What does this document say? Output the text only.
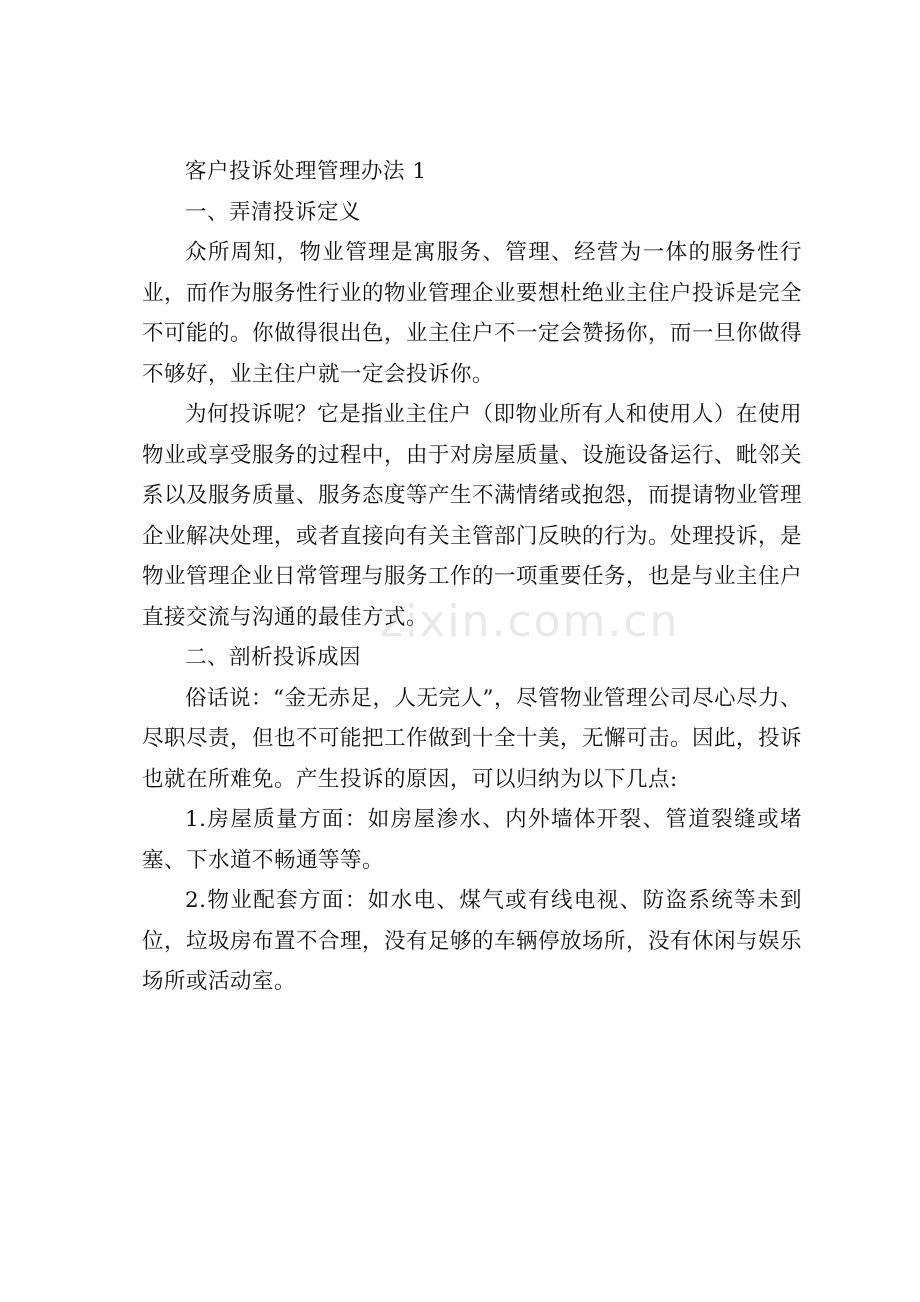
客户投诉处理管理办法 1

一、弄清投诉定义

众所周知，物业管理是寓服务、管理、经营为一体的服务性行业，而作为服务性行业的物业管理企业要想杜绝业主住户投诉是完全不可能的。你做得很出色，业主住户不一定会赞扬你，而一旦你做得不够好，业主住户就一定会投诉你。

为何投诉呢？它是指业主住户（即物业所有人和使用人）在使用物业或享受服务的过程中，由于对房屋质量、设施设备运行、毗邻关系以及服务质量、服务态度等产生不满情绪或抱怨，而提请物业管理企业解决处理，或者直接向有关主管部门反映的行为。处理投诉，是物业管理企业日常管理与服务工作的一项重要任务，也是与业主住户直接交流与沟通的最佳方式。

二、剖析投诉成因

俗话说：“金无赤足，人无完人”，尽管物业管理公司尽心尽力、尽职尽责，但也不可能把工作做到十全十美，无懈可击。因此，投诉也就在所难免。产生投诉的原因，可以归纳为以下几点:

1.房屋质量方面：如房屋渗水、内外墙体开裂、管道裂缝或堵塞、下水道不畅通等等。

2.物业配套方面：如水电、煤气或有线电视、防盗系统等未到位，垃圾房布置不合理，没有足够的车辆停放场所，没有休闲与娱乐场所或活动室。

zixin.com.cn
